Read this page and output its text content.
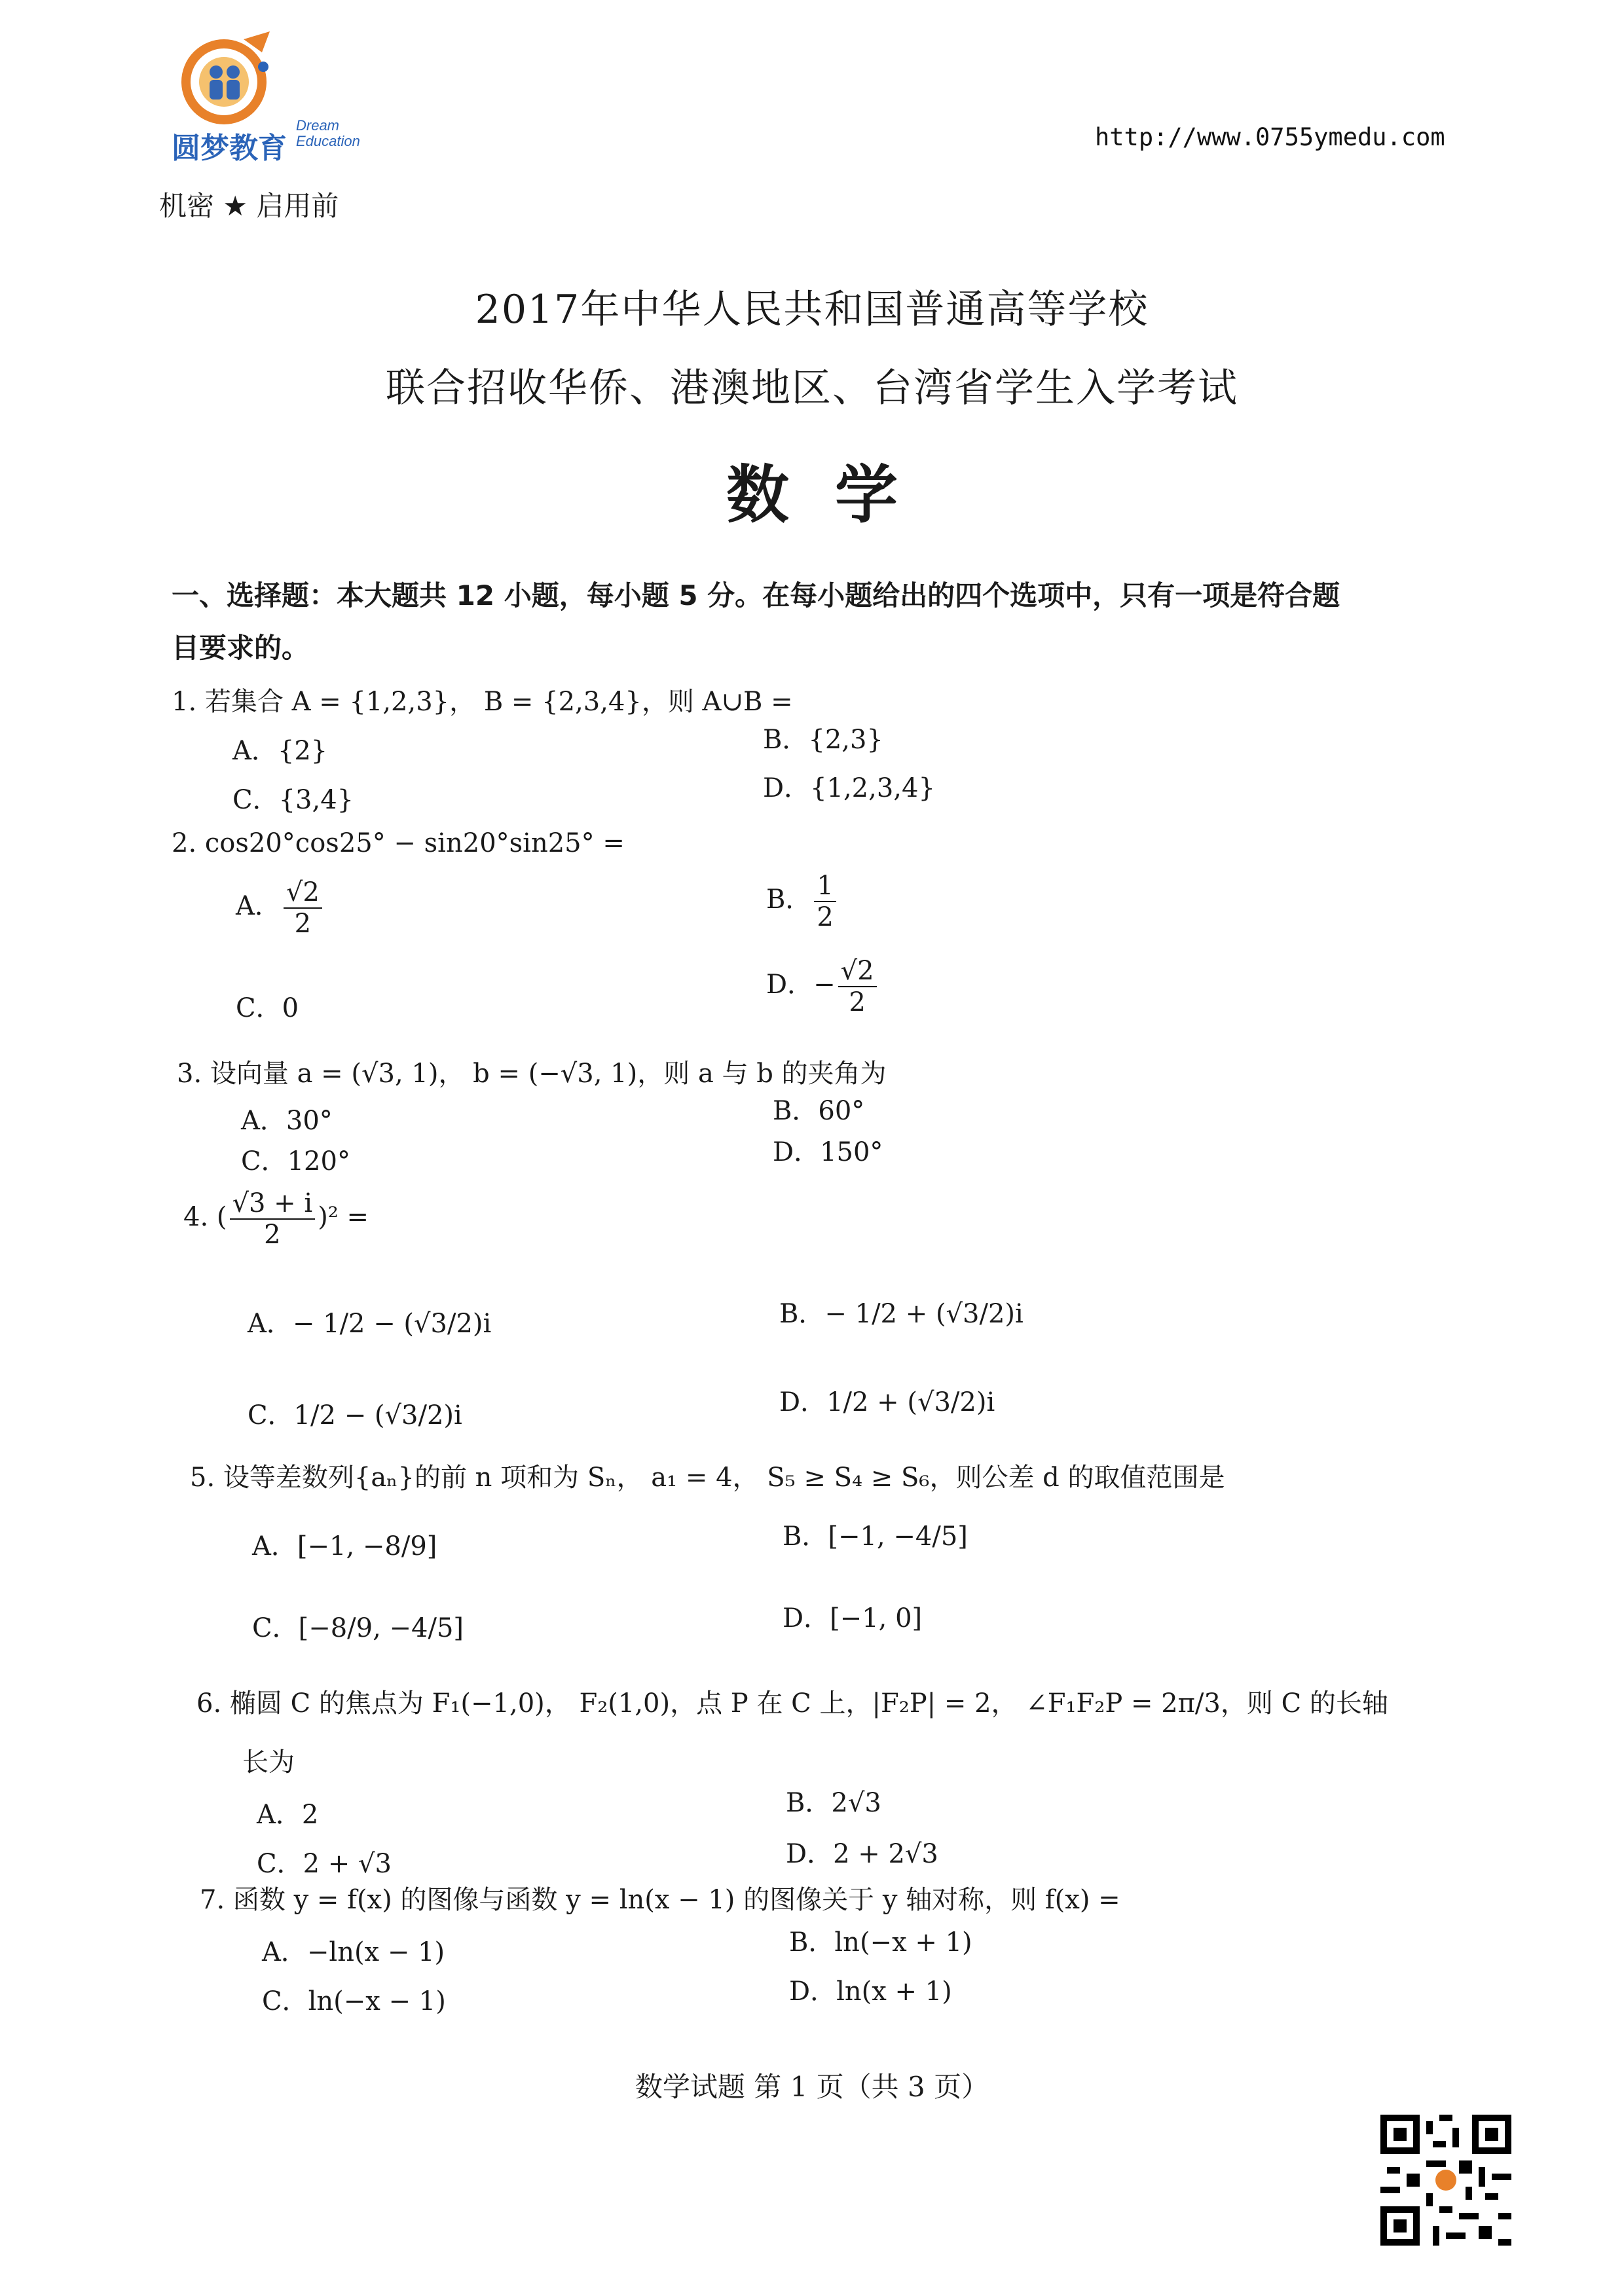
圆梦教育
Dream
Education	http://www.0755ymedu.com
机密 ★ 启用前
2017年中华人民共和国普通高等学校
联合招收华侨、港澳地区、台湾省学生入学考试
数学
一、选择题：本大题共 12 小题，每小题 5 分。在每小题给出的四个选项中，只有一项是符合题目要求的。
1. 若集合 A = {1,2,3}， B = {2,3,4}，则 A∪B =
A．{2}	B．{2,3}
C．{3,4}	D．{1,2,3,4}
2. cos20°cos25° − sin20°sin25° =
A． $\frac{√2}{2}$	B． $\frac{1}{2}$
C．0
D．− $\frac{√2}{2}$
3. 设向量 a = (√3, 1)， b = (−√3, 1)，则 a 与 b 的夹角为
A．30°	B．60°
C．120°	D．150°
4. ( $\frac{√3 + i}{2} )^2$ =
A．− 1/2 − (√3/2)i	B．− 1/2 + (√3/2)i
C．1/2 − (√3/2)i	D．1/2 + (√3/2)i
5. 设等差数列{aₙ}的前 n 项和为 Sₙ， a₁ = 4， S₅ ≥ S₄ ≥ S₆，则公差 d 的取值范围是
A．[−1, −8/9]	B．[−1, −4/5]
C．[−8/9, −4/5]	D．[−1, 0]
6. 椭圆 C 的焦点为 F₁(−1,0)， F₂(1,0)，点 P 在 C 上，|F₂P| = 2， ∠F₁F₂P = 2π/3，则 C 的长轴
长为
A．2	B．2√3
C．2 + √3	D．2 + 2√3
7. 函数 y = f(x) 的图像与函数 y = ln(x − 1) 的图像关于 y 轴对称，则 f(x) =
A．−ln(x − 1)	B．ln(−x + 1)
C．ln(−x − 1)	D．ln(x + 1)
数学试题 第 1 页（共 3 页）
